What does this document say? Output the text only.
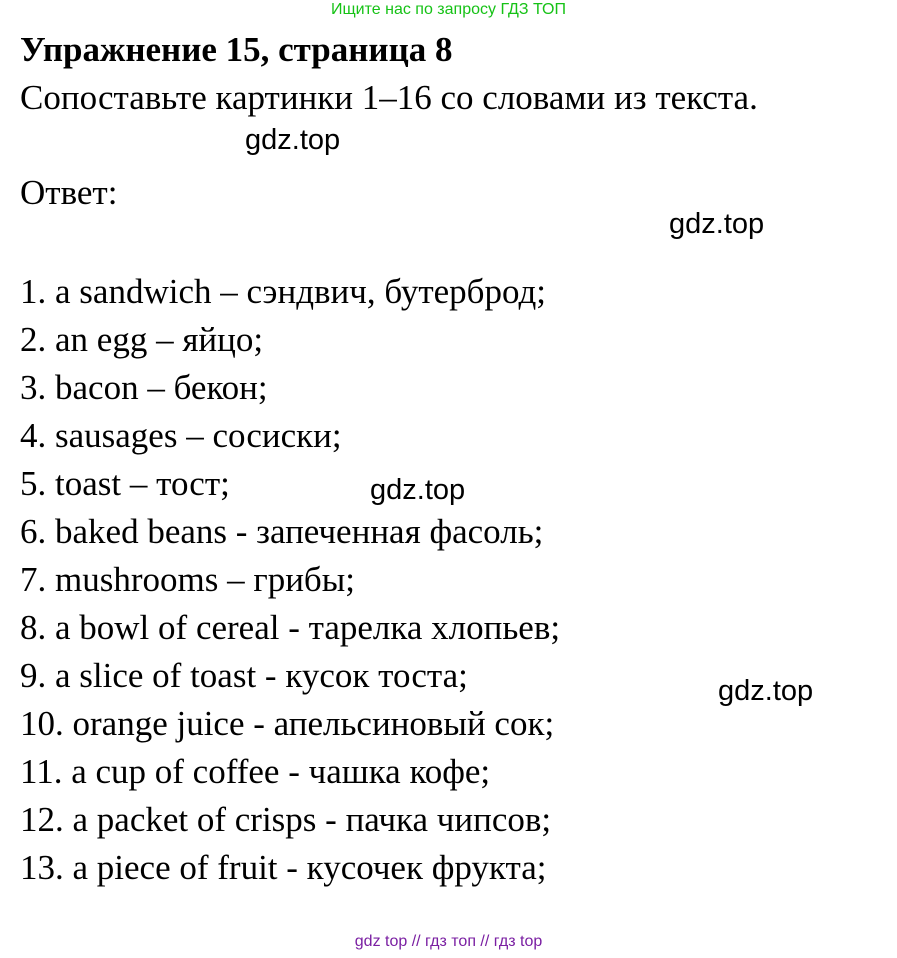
Ищите нас по запросу ГДЗ ТОП
Упражнение 15, страница 8
Сопоставьте картинки 1–16 со словами из текста.
gdz.top
Ответ:
gdz.top
1. a sandwich – сэндвич, бутерброд;
2. an egg – яйцо;
3. bacon – бекон;
4. sausages – сосиски;
5. toast – тост;
6. baked beans - запеченная фасоль;
7. mushrooms – грибы;
8. a bowl of cereal - тарелка хлопьев;
9. a slice of toast - кусок тоста;
10. orange juice - апельсиновый сок;
11. a cup of coffee - чашка кофе;
12. a packet of crisps - пачка чипсов;
13. a piece of fruit - кусочек фрукта;
gdz.top
gdz.top
gdz top // гдз топ // гдз top
